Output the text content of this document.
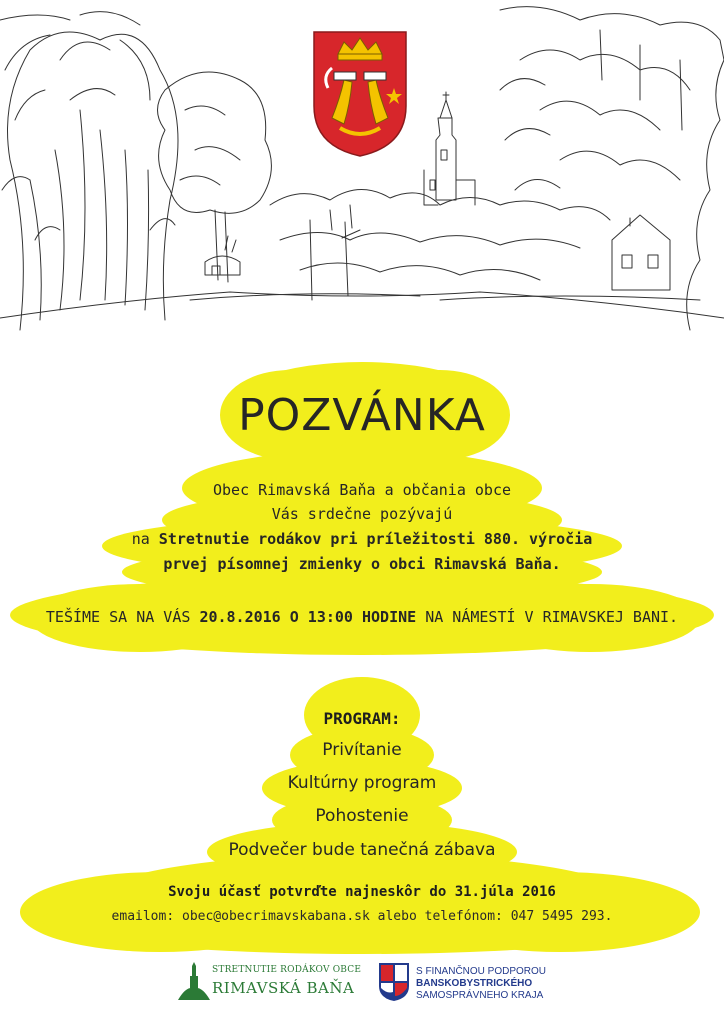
POZVÁNKA
Obec Rimavská Baňa a občania obce
Vás srdečne pozývajú
na Stretnutie rodákov pri príležitosti 880. výročia
prvej písomnej zmienky o obci Rimavská Baňa.
TEŠÍME SA NA VÁS 20.8.2016 O 13:00 HODINE NA NÁMESTÍ V RIMAVSKEJ BANI.
PROGRAM:
Privítanie
Kultúrny program
Pohostenie
Podvečer bude tanečná zábava
Svoju účasť potvrďte najneskôr do 31.júla 2016
emailom: obec@obecrimavskabana.sk alebo telefónom: 047 5495 293.
STRETNUTIE RODÁKOV OBCE
RIMAVSKÁ BAŇA
S FINANČNOU PODPOROU
BANSKOBYSTRICKÉHO
SAMOSPRÁVNEHO KRAJA
